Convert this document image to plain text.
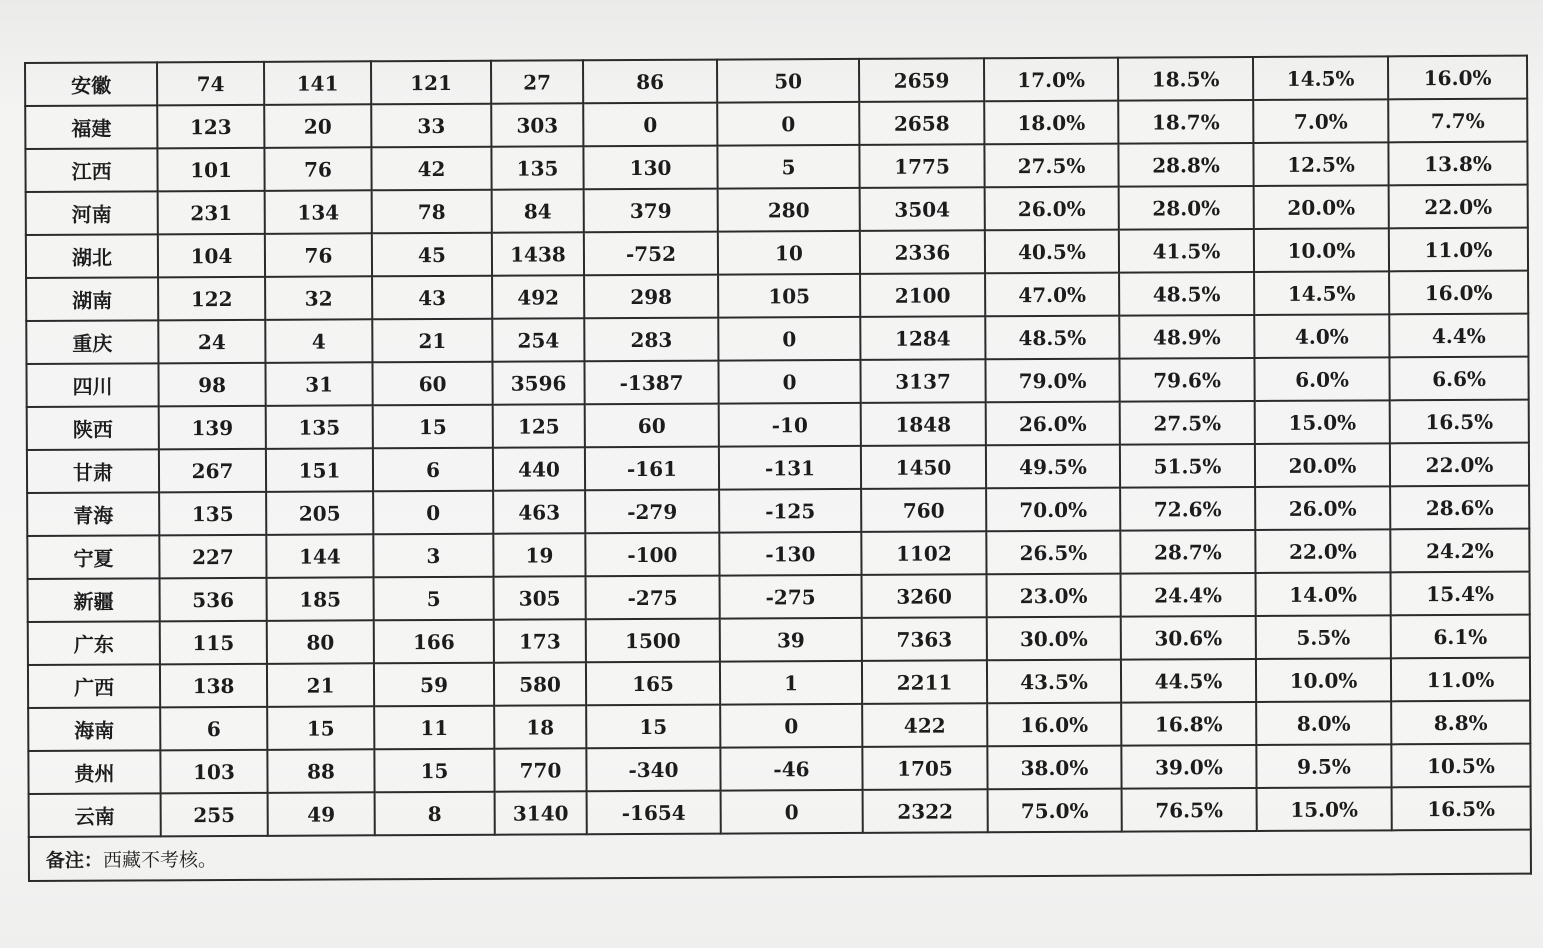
安徽	74	141	121	27	86	50	2659	17.0%	18.5%	14.5%	16.0%
福建	123	20	33	303	0	0	2658	18.0%	18.7%	7.0%	7.7%
江西	101	76	42	135	130	5	1775	27.5%	28.8%	12.5%	13.8%
河南	231	134	78	84	379	280	3504	26.0%	28.0%	20.0%	22.0%
湖北	104	76	45	1438	-752	10	2336	40.5%	41.5%	10.0%	11.0%
湖南	122	32	43	492	298	105	2100	47.0%	48.5%	14.5%	16.0%
重庆	24	4	21	254	283	0	1284	48.5%	48.9%	4.0%	4.4%
四川	98	31	60	3596	-1387	0	3137	79.0%	79.6%	6.0%	6.6%
陕西	139	135	15	125	60	-10	1848	26.0%	27.5%	15.0%	16.5%
甘肃	267	151	6	440	-161	-131	1450	49.5%	51.5%	20.0%	22.0%
青海	135	205	0	463	-279	-125	760	70.0%	72.6%	26.0%	28.6%
宁夏	227	144	3	19	-100	-130	1102	26.5%	28.7%	22.0%	24.2%
新疆	536	185	5	305	-275	-275	3260	23.0%	24.4%	14.0%	15.4%
广东	115	80	166	173	1500	39	7363	30.0%	30.6%	5.5%	6.1%
广西	138	21	59	580	165	1	2211	43.5%	44.5%	10.0%	11.0%
海南	6	15	11	18	15	0	422	16.0%	16.8%	8.0%	8.8%
贵州	103	88	15	770	-340	-46	1705	38.0%	39.0%	9.5%	10.5%
云南	255	49	8	3140	-1654	0	2322	75.0%	76.5%	15.0%	16.5%
备注：西藏不考核。											
